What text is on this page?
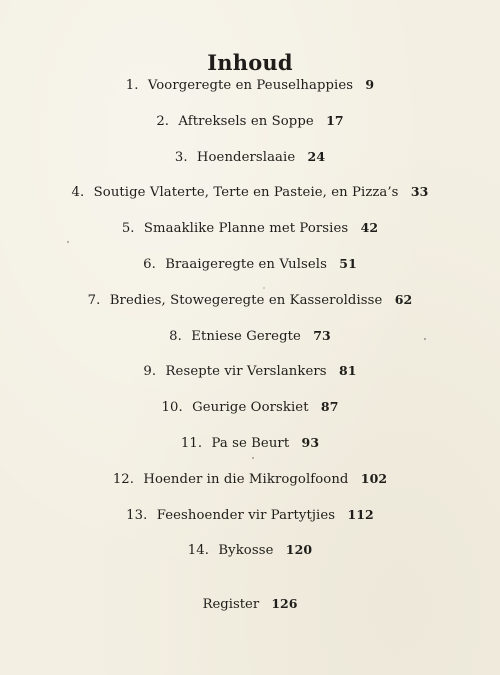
Inhoud
1. Voorgeregte en Peuselhappies 9
2. Aftreksels en Soppe 17
3. Hoenderslaaie 24
4. Soutige Vlaterte, Terte en Pasteie, en Pizza’s 33
5. Smaaklike Planne met Porsies 42
6. Braaigeregte en Vulsels 51
7. Bredies, Stowegeregte en Kasseroldisse 62
8. Etniese Geregte 73
9. Resepte vir Verslankers 81
10. Geurige Oorskiet 87
11. Pa se Beurt 93
12. Hoender in die Mikrogolfoond 102
13. Feeshoender vir Partytjies 112
14. Bykosse 120
Register 126
